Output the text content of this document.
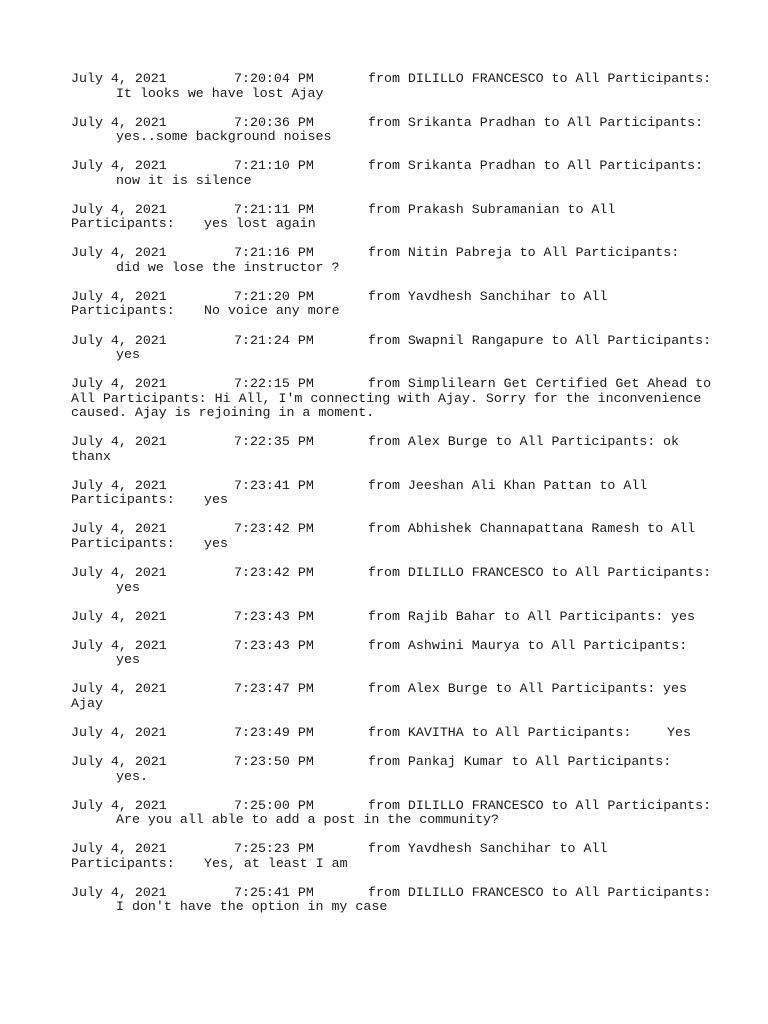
July 4, 2021	7:20:04 PM	from DILILLO FRANCESCO to All Participants:
It looks we have lost Ajay
July 4, 2021	7:20:36 PM	from Srikanta Pradhan to All Participants:
yes..some background noises
July 4, 2021	7:21:10 PM	from Srikanta Pradhan to All Participants:
now it is silence
July 4, 2021	7:21:11 PM	from Prakash Subramanian to All
Participants: yes lost again
July 4, 2021	7:21:16 PM	from Nitin Pabreja to All Participants:
did we lose the instructor ?
July 4, 2021	7:21:20 PM	from Yavdhesh Sanchihar to All
Participants: No voice any more
July 4, 2021	7:21:24 PM	from Swapnil Rangapure to All Participants:
yes
July 4, 2021	7:22:15 PM	from Simplilearn Get Certified Get Ahead to
All Participants: Hi All, I'm connecting with Ajay. Sorry for the inconvenience
caused. Ajay is rejoining in a moment.
July 4, 2021	7:22:35 PM	from Alex Burge to All Participants: ok
thanx
July 4, 2021	7:23:41 PM	from Jeeshan Ali Khan Pattan to All
Participants: yes
July 4, 2021	7:23:42 PM	from Abhishek Channapattana Ramesh to All
Participants: yes
July 4, 2021	7:23:42 PM	from DILILLO FRANCESCO to All Participants:
yes
July 4, 2021	7:23:43 PM	from Rajib Bahar to All Participants: yes
July 4, 2021	7:23:43 PM	from Ashwini Maurya to All Participants:
yes
July 4, 2021	7:23:47 PM	from Alex Burge to All Participants: yes
Ajay
July 4, 2021	7:23:49 PM	from KAVITHA to All Participants:	Yes
July 4, 2021	7:23:50 PM	from Pankaj Kumar to All Participants:
yes.
July 4, 2021	7:25:00 PM	from DILILLO FRANCESCO to All Participants:
Are you all able to add a post in the community?
July 4, 2021	7:25:23 PM	from Yavdhesh Sanchihar to All
Participants: Yes, at least I am
July 4, 2021	7:25:41 PM	from DILILLO FRANCESCO to All Participants:
I don't have the option in my case
